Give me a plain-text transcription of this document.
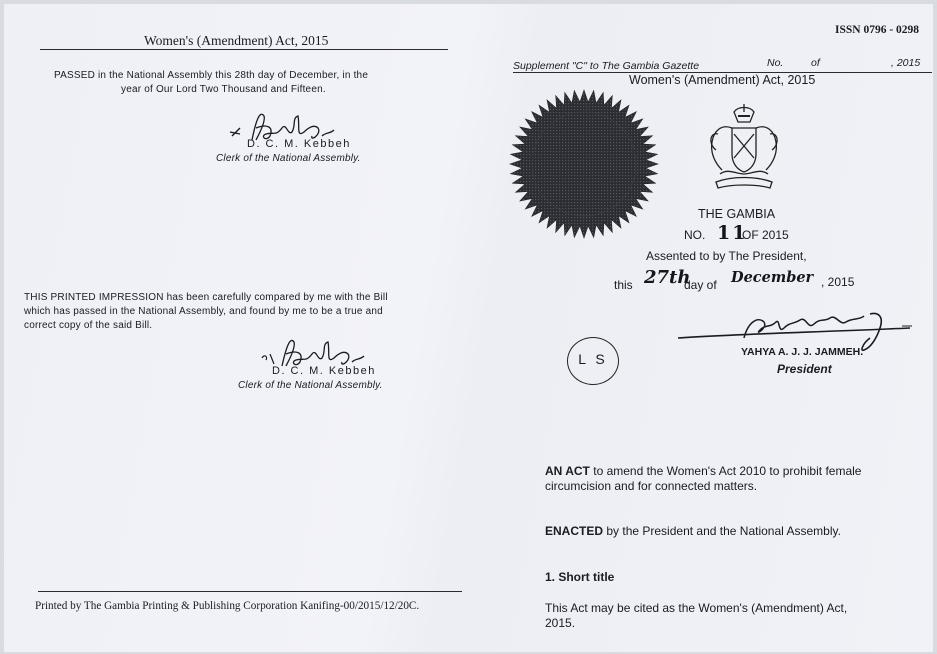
Women's (Amendment) Act, 2015
PASSED in the National Assembly this 28th day of December, in the
year of Our Lord Two Thousand and Fifteen.
D. C. M. Kebbeh
Clerk of the National Assembly.
THIS PRINTED IMPRESSION has been carefully compared by me with the Bill
which has passed in the National Assembly, and found by me to be a true and
correct copy of the said Bill.
D. C. M. Kebbeh
Clerk of the National Assembly.
Printed by The Gambia Printing & Publishing Corporation Kanifing-00/2015/12/20C.
ISSN 0796 - 0298
Supplement "C" to The Gambia Gazette	No.	of	, 2015
Women's (Amendment) Act, 2015
THE GAMBIA
NO. 11
OF 2015
Assented to by The President,
this 27th
day of December , 2015
L S	YAHYA A. J. J. JAMMEH.
President
AN ACT to amend the Women's Act 2010 to prohibit female
circumcision and for connected matters.
ENACTED by the President and the National Assembly.
1. Short title
This Act may be cited as the Women's (Amendment) Act,
2015.
